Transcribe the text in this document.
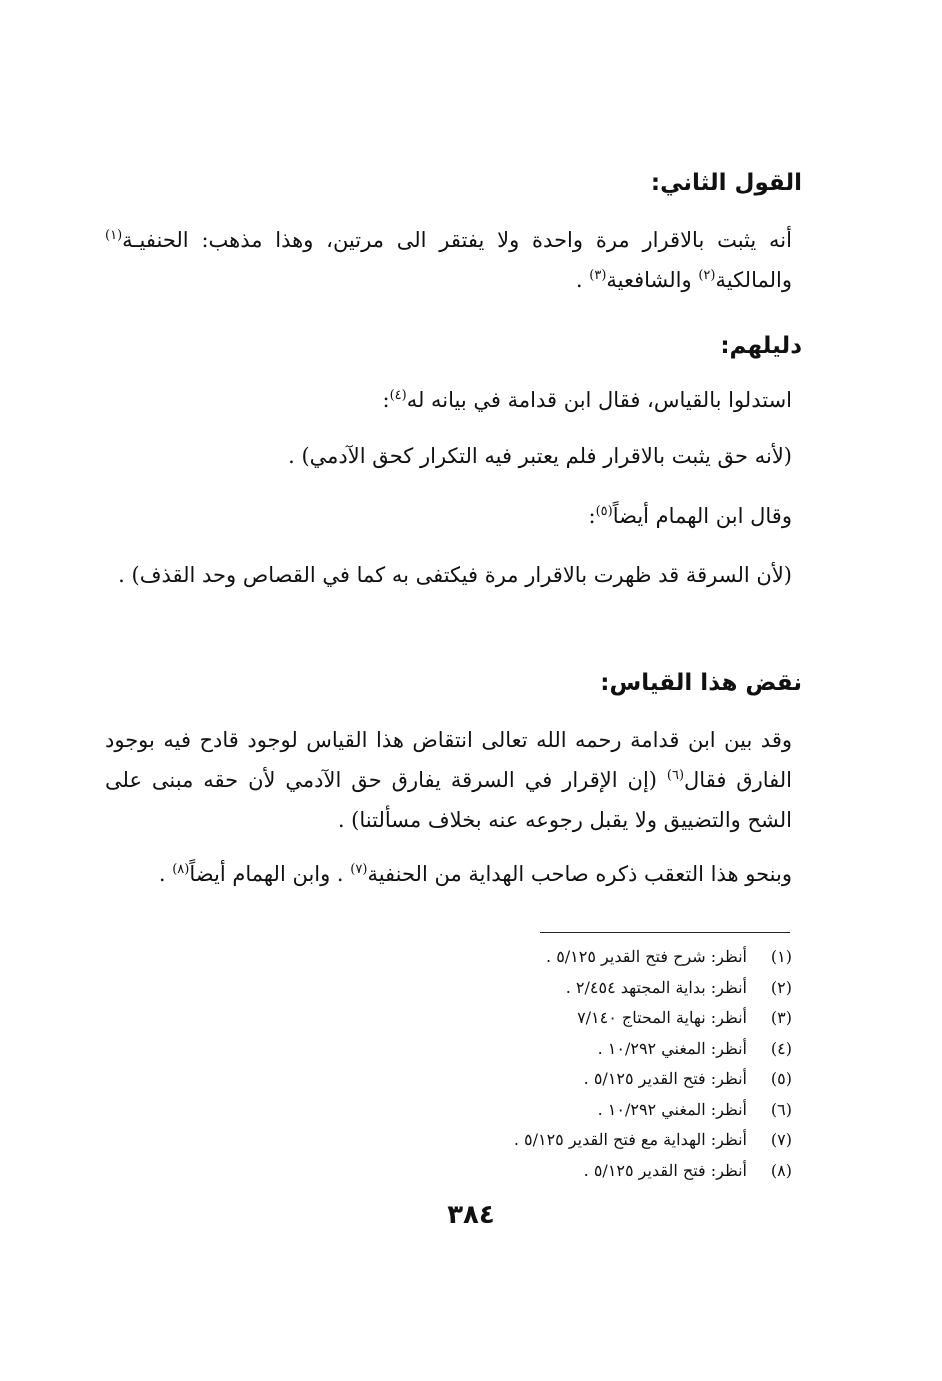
القول الثاني:
أنه يثبت بالاقرار مرة واحدة ولا يفتقر الى مرتين، وهذا مذهب: الحنفيـة$^{(١)}$ والمالكية$^{(٢)}$ والشافعية$^{(٣)}$ .
دليلهم:
استدلوا بالقياس، فقال ابن قدامة في بيانه له$^{(٤)}$:
(لأنه حق يثبت بالاقرار فلم يعتبر فيه التكرار كحق الآدمي) .
وقال ابن الهمام أيضاً$^{(٥)}$:
(لأن السرقة قد ظهرت بالاقرار مرة فيكتفى به كما في القصاص وحد القذف) .
نقض هذا القياس:
وقد بين ابن قدامة رحمه الله تعالى انتقاض هذا القياس لوجود قادح فيه بوجود الفارق فقال$^{(٦)}$ (إن الإقرار في السرقة يفارق حق الآدمي لأن حقه مبنى على الشح والتضييق ولا يقبل رجوعه عنه بخلاف مسألتنا) .
وبنحو هذا التعقب ذكره صاحب الهداية من الحنفية$^{(٧)}$ . وابن الهمام أيضاً$^{(٨)}$ .
(١)أنظر: شرح فتح القدير ٥/١٢٥ .
(٢)أنظر: بداية المجتهد ٢/٤٥٤ .
(٣)أنظر: نهاية المحتاج ٧/١٤٠
(٤)أنظر: المغني ١٠/٢٩٢ .
(٥)أنظر: فتح القدير ٥/١٢٥ .
(٦)أنظر: المغني ١٠/٢٩٢ .
(٧)أنظر: الهداية مع فتح القدير ٥/١٢٥ .
(٨)أنظر: فتح القدير ٥/١٢٥ .
٣٨٤
